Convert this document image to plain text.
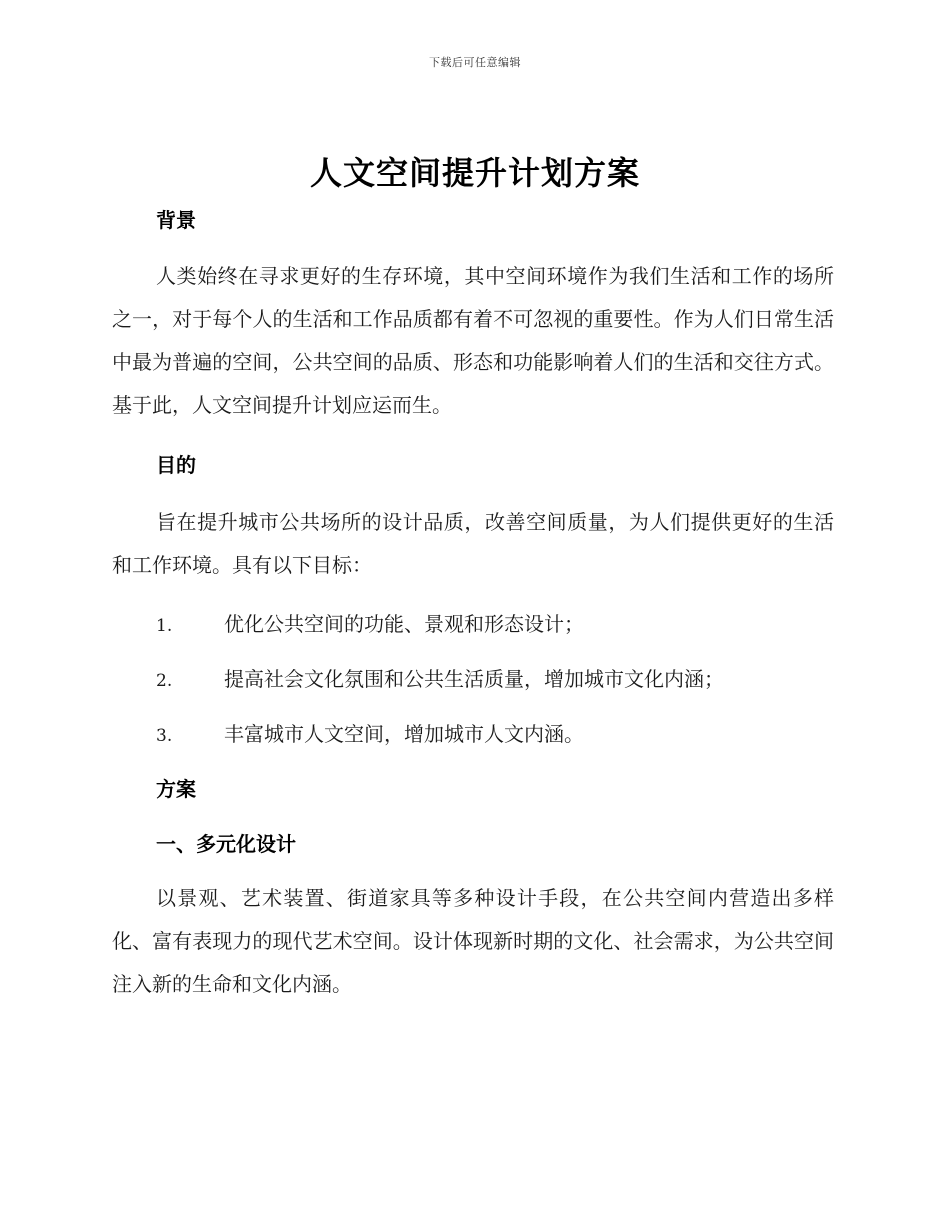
下载后可任意编辑
人文空间提升计划方案
背景

人类始终在寻求更好的生存环境，其中空间环境作为我们生活和工作的场所之一，对于每个人的生活和工作品质都有着不可忽视的重要性。作为人们日常生活中最为普遍的空间，公共空间的品质、形态和功能影响着人们的生活和交往方式。基于此，人文空间提升计划应运而生。

目的

旨在提升城市公共场所的设计品质，改善空间质量，为人们提供更好的生活和工作环境。具有以下目标：

1.	优化公共空间的功能、景观和形态设计；
2.	提高社会文化氛围和公共生活质量，增加城市文化内涵；
3.	丰富城市人文空间，增加城市人文内涵。
方案
一、多元化设计

以景观、艺术装置、街道家具等多种设计手段，在公共空间内营造出多样化、富有表现力的现代艺术空间。设计体现新时期的文化、社会需求，为公共空间注入新的生命和文化内涵。
